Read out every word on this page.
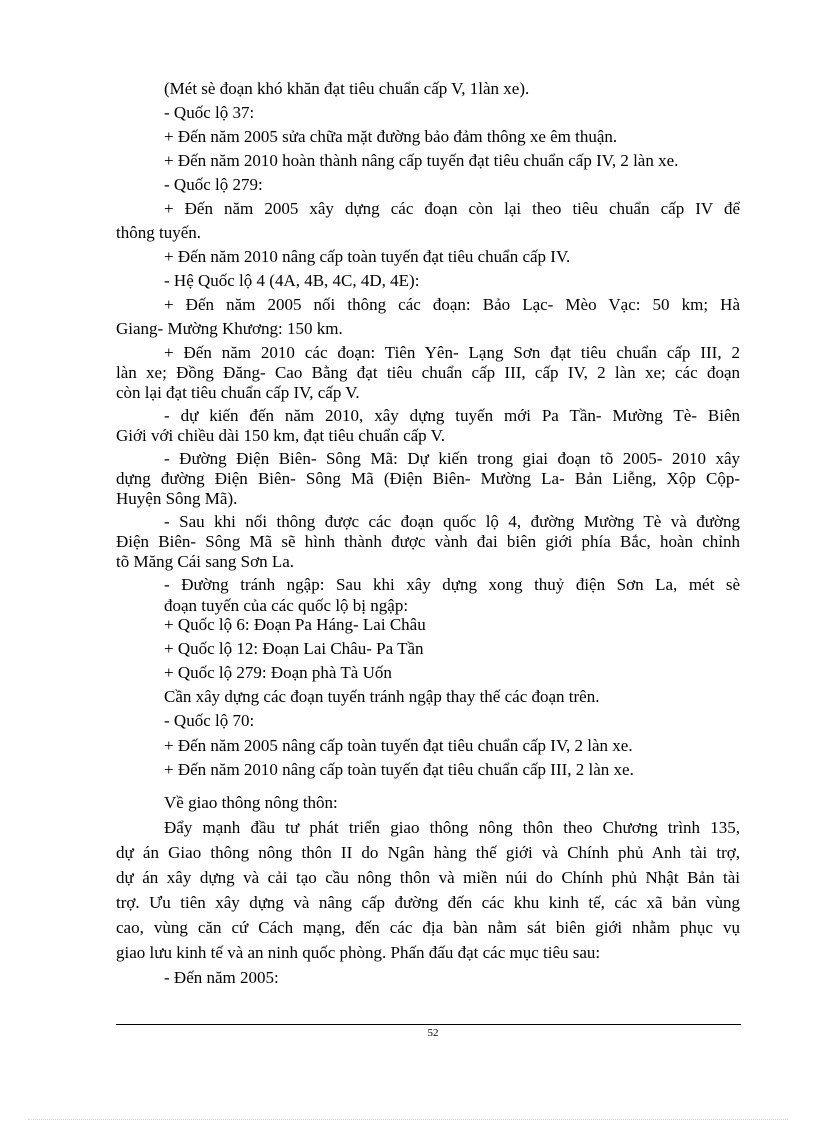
(Mét sè đoạn khó khăn đạt tiêu chuẩn cấp V, 1làn xe).
- Quốc lộ 37:
+ Đến năm 2005 sửa chữa mặt đường bảo đảm thông xe êm thuận.
+ Đến năm 2010 hoàn thành nâng cấp tuyến đạt tiêu chuẩn cấp IV, 2 làn xe.
- Quốc lộ 279:
+ Đến năm 2005 xây dựng các đoạn còn lại theo tiêu chuẩn cấp IV để
thông tuyến.
+ Đến năm 2010 nâng cấp toàn tuyến đạt tiêu chuẩn cấp IV.
- Hệ Quốc lộ 4 (4A, 4B, 4C, 4D, 4E):
+ Đến năm 2005 nối thông các đoạn: Bảo Lạc- Mèo Vạc: 50 km; Hà
Giang- Mường Khương: 150 km.
+ Đến năm 2010 các đoạn: Tiên Yên- Lạng Sơn đạt tiêu chuẩn cấp III, 2
làn xe; Đồng Đăng- Cao Bằng đạt tiêu chuẩn cấp III, cấp IV, 2 làn xe; các đoạn
còn lại đạt tiêu chuẩn cấp IV, cấp V.
- dự kiến đến năm 2010, xây dựng tuyến mới Pa Tần- Mường Tè- Biên
Giới với chiều dài 150 km, đạt tiêu chuẩn cấp V.
- Đường Điện Biên- Sông Mã: Dự kiến trong giai đoạn tõ 2005- 2010 xây
dựng đường Điện Biên- Sông Mã (Điện Biên- Mường La- Bản Liễng, Xộp Cộp-
Huyện Sông Mã).
- Sau khi nối thông được các đoạn quốc lộ 4, đường Mường Tè và đường
Điện Biên- Sông Mã sẽ hình thành được vành đai biên giới phía Bắc, hoàn chỉnh
tõ Măng Cái sang Sơn La.
- Đường tránh ngập: Sau khi xây dựng xong thuỷ điện Sơn La, mét sè
đoạn tuyến của các quốc lộ bị ngập:
+ Quốc lộ 6: Đoạn Pa Háng- Lai Châu
+ Quốc lộ 12: Đoạn Lai Châu- Pa Tần
+ Quốc lộ 279: Đoạn phà Tà Uốn
Cần xây dựng các đoạn tuyến tránh ngập thay thế các đoạn trên.
- Quốc lộ 70:
+ Đến năm 2005 nâng cấp toàn tuyến đạt tiêu chuẩn cấp IV, 2 làn xe.
+ Đến năm 2010 nâng cấp toàn tuyến đạt tiêu chuẩn cấp III, 2 làn xe.
Về giao thông nông thôn:
Đẩy mạnh đầu tư phát triển giao thông nông thôn theo Chương trình 135,
dự án Giao thông nông thôn II do Ngân hàng thế giới và Chính phủ Anh tài trợ,
dự án xây dựng và cải tạo cầu nông thôn và miền núi do Chính phủ Nhật Bản tài
trợ. Ưu tiên xây dựng và nâng cấp đường đến các khu kinh tế, các xã bản vùng
cao, vùng căn cứ Cách mạng, đến các địa bàn nằm sát biên giới nhằm phục vụ
giao lưu kinh tế và an ninh quốc phòng. Phấn đấu đạt các mục tiêu sau:
- Đến năm 2005:
52
